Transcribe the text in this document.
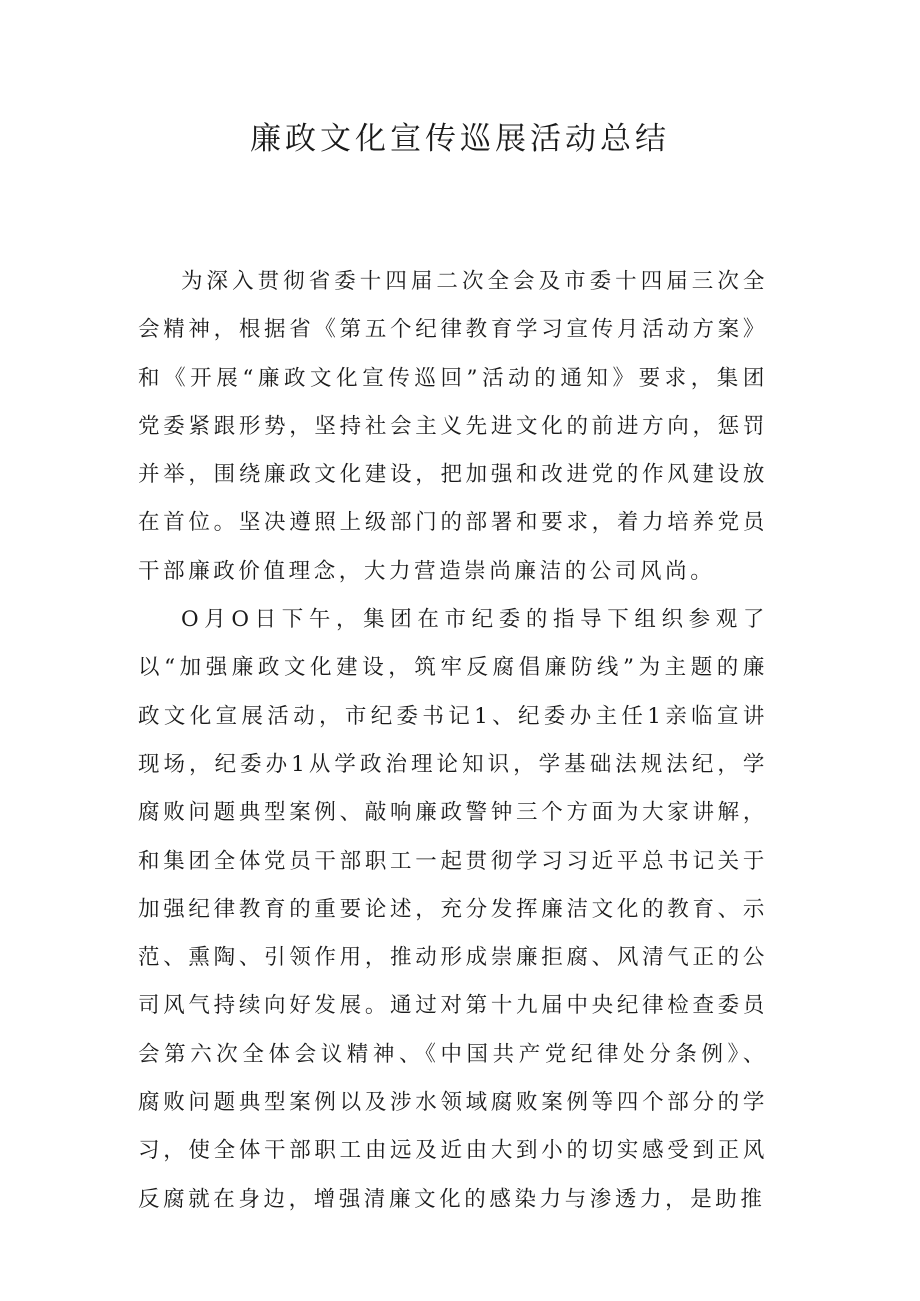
廉政文化宣传巡展活动总结

为深入贯彻省委十四届二次全会及市委十四届三次全会精神，根据省《第五个纪律教育学习宣传月活动方案》和《开展“廉政文化宣传巡回”活动的通知》要求，集团党委紧跟形势，坚持社会主义先进文化的前进方向，惩罚并举，围绕廉政文化建设，把加强和改进党的作风建设放在首位。坚决遵照上级部门的部署和要求，着力培养党员干部廉政价值理念，大力营造崇尚廉洁的公司风尚。

O月O日下午，集团在市纪委的指导下组织参观了以“加强廉政文化建设，筑牢反腐倡廉防线”为主题的廉政文化宣展活动，市纪委书记1、纪委办主任1亲临宣讲现场，纪委办1从学政治理论知识，学基础法规法纪，学腐败问题典型案例、敲响廉政警钟三个方面为大家讲解，和集团全体党员干部职工一起贯彻学习习近平总书记关于加强纪律教育的重要论述，充分发挥廉洁文化的教育、示范、熏陶、引领作用，推动形成崇廉拒腐、风清气正的公司风气持续向好发展。通过对第十九届中央纪律检查委员会第六次全体会议精神、《中国共产党纪律处分条例》、腐败问题典型案例以及涉水领域腐败案例等四个部分的学习，使全体干部职工由远及近由大到小的切实感受到正风反腐就在身边，增强清廉文化的感染力与渗透力，是助推
